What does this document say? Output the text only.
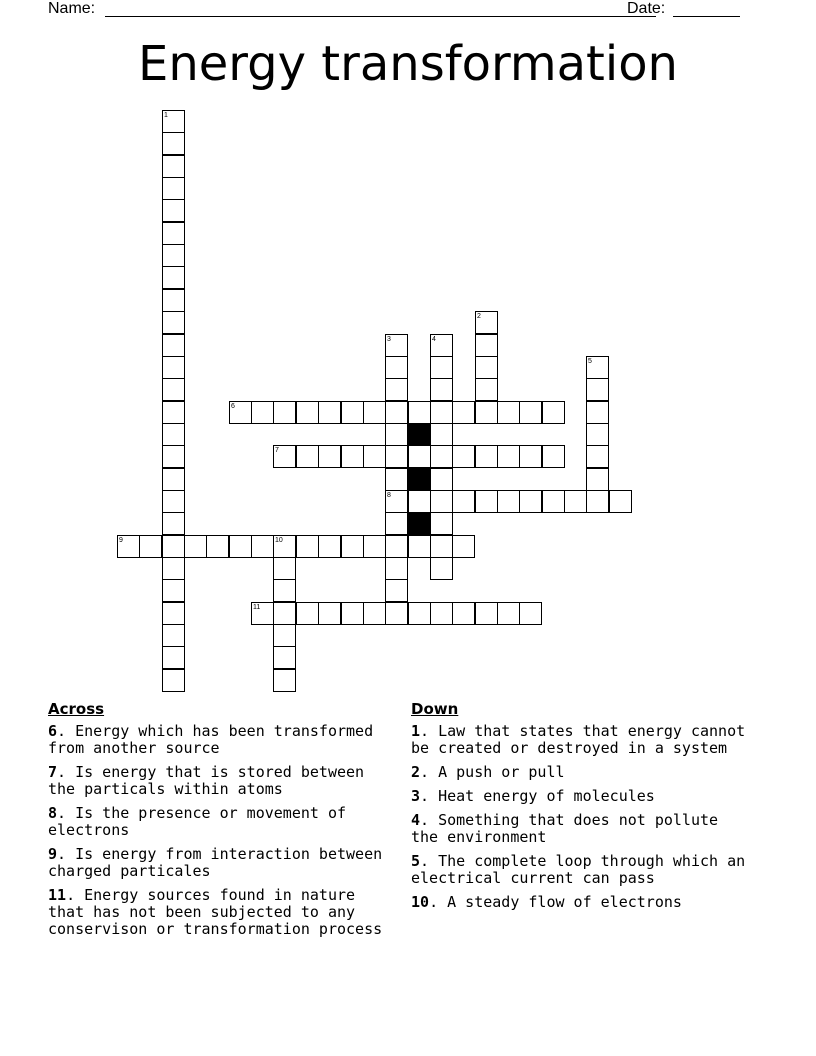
Name:	Date:
Energy transformation
1
2
3
8
4
5
6
7
9	10
11
Across
6. Energy which has been transformed from another source
7. Is energy that is stored between the particals within atoms
8. Is the presence or movement of electrons
9. Is energy from interaction between charged particales
11. Energy sources found in nature that has not been subjected to any conservison or transformation process
Down
1. Law that states that energy cannot be created or destroyed in a system
2. A push or pull
3. Heat energy of molecules
4. Something that does not pollute the environment
5. The complete loop through which an electrical current can pass
10. A steady flow of electrons
